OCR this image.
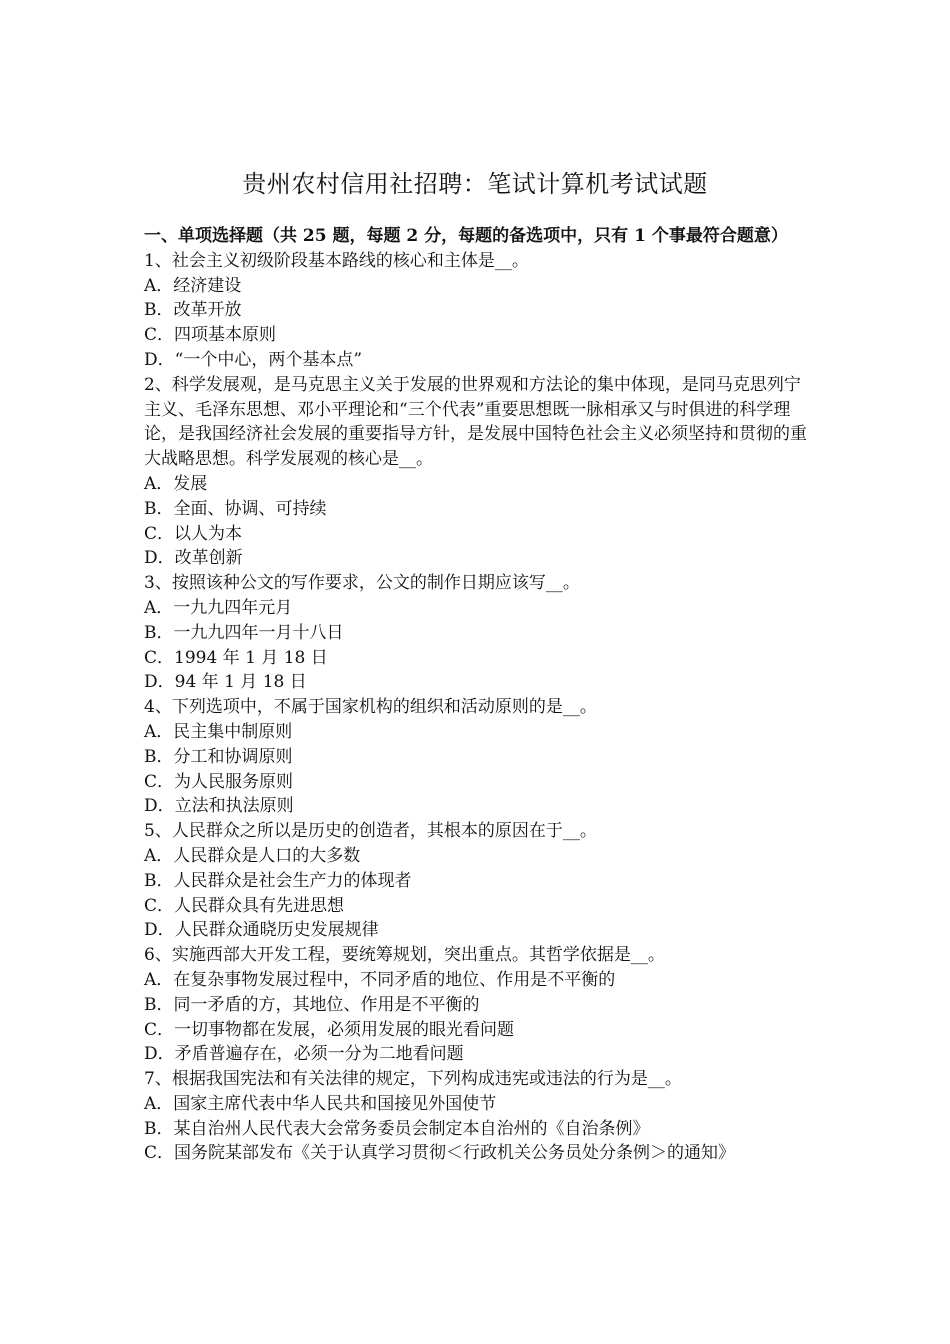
贵州农村信用社招聘：笔试计算机考试试题

一、单项选择题（共 25 题，每题 2 分，每题的备选项中，只有 1 个事最符合题意）

1、社会主义初级阶段基本路线的核心和主体是__。

A．经济建设

B．改革开放

C．四项基本原则

D．“一个中心，两个基本点”

2、科学发展观，是马克思主义关于发展的世界观和方法论的集中体现，是同马克思列宁主义、毛泽东思想、邓小平理论和“三个代表”重要思想既一脉相承又与时俱进的科学理论，是我国经济社会发展的重要指导方针，是发展中国特色社会主义必须坚持和贯彻的重大战略思想。科学发展观的核心是__。

A．发展

B．全面、协调、可持续

C．以人为本

D．改革创新

3、按照该种公文的写作要求，公文的制作日期应该写__。

A．一九九四年元月

B．一九九四年一月十八日

C．1994 年 1 月 18 日

D．94 年 1 月 18 日

4、下列选项中，不属于国家机构的组织和活动原则的是__。

A．民主集中制原则

B．分工和协调原则

C．为人民服务原则

D．立法和执法原则

5、人民群众之所以是历史的创造者，其根本的原因在于__。

A．人民群众是人口的大多数

B．人民群众是社会生产力的体现者

C．人民群众具有先进思想

D．人民群众通晓历史发展规律

6、实施西部大开发工程，要统筹规划，突出重点。其哲学依据是__。

A．在复杂事物发展过程中，不同矛盾的地位、作用是不平衡的

B．同一矛盾的方，其地位、作用是不平衡的

C．一切事物都在发展，必须用发展的眼光看问题

D．矛盾普遍存在，必须一分为二地看问题

7、根据我国宪法和有关法律的规定，下列构成违宪或违法的行为是__。

A．国家主席代表中华人民共和国接见外国使节

B．某自治州人民代表大会常务委员会制定本自治州的《自治条例》

C．国务院某部发布《关于认真学习贯彻＜行政机关公务员处分条例＞的通知》
